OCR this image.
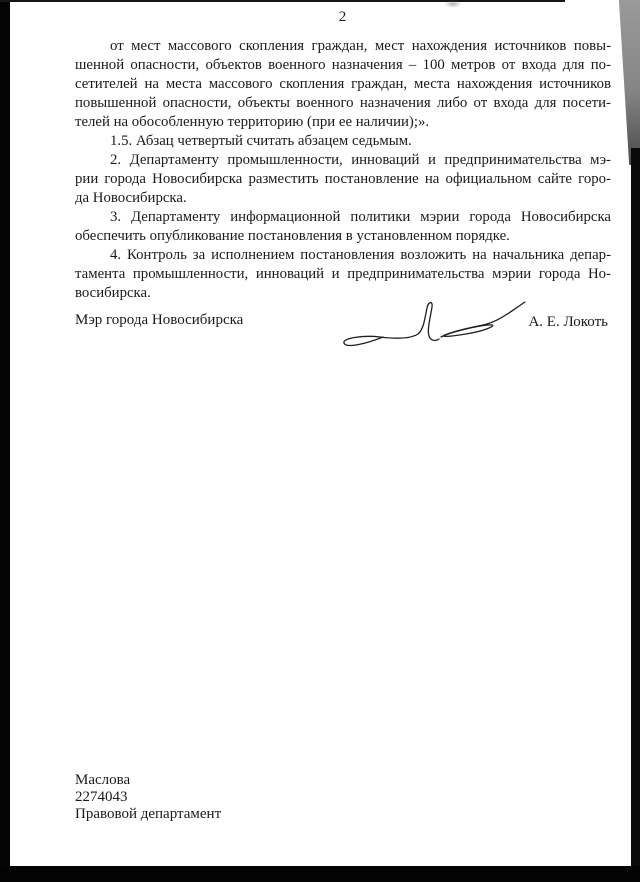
2
от мест массового скопления граждан, мест нахождения источников повы-
шенной опасности, объектов военного назначения – 100 метров от входа для по-
сетителей на места массового скопления граждан, места нахождения источников
повышенной опасности, объекты военного назначения либо от входа для посети-
телей на обособленную территорию (при ее наличии);».
1.5. Абзац четвертый считать абзацем седьмым.
2. Департаменту промышленности, инноваций и предпринимательства мэ-
рии города Новосибирска разместить постановление на официальном сайте горо-
да Новосибирска.
3. Департаменту информационной политики мэрии города Новосибирска
обеспечить опубликование постановления в установленном порядке.
4. Контроль за исполнением постановления возложить на начальника депар-
тамента промышленности, инноваций и предпринимательства мэрии города Но-
восибирска.
Мэр города Новосибирска	А. Е. Локоть
Маслова
2274043
Правовой департамент
